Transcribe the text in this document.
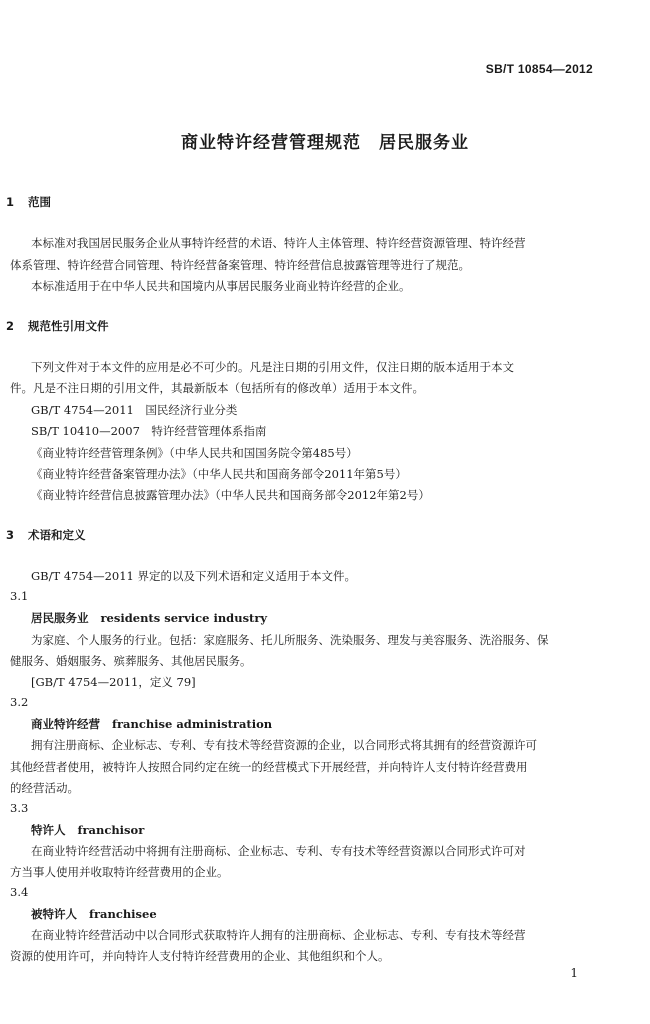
SB/T 10854—2012
商业特许经营管理规范　居民服务业
1 范围
本标准对我国居民服务企业从事特许经营的术语、特许人主体管理、特许经营资源管理、特许经营
体系管理、特许经营合同管理、特许经营备案管理、特许经营信息披露管理等进行了规范。
本标准适用于在中华人民共和国境内从事居民服务业商业特许经营的企业。
2 规范性引用文件
下列文件对于本文件的应用是必不可少的。凡是注日期的引用文件，仅注日期的版本适用于本文
件。凡是不注日期的引用文件，其最新版本（包括所有的修改单）适用于本文件。
GB/T 4754—2011　国民经济行业分类
SB/T 10410—2007　特许经营管理体系指南
《商业特许经营管理条例》（中华人民共和国国务院令第485号）
《商业特许经营备案管理办法》（中华人民共和国商务部令2011年第5号）
《商业特许经营信息披露管理办法》（中华人民共和国商务部令2012年第2号）
3 术语和定义
GB/T 4754—2011 界定的以及下列术语和定义适用于本文件。
3.1
居民服务业 residents service industry
为家庭、个人服务的行业。包括：家庭服务、托儿所服务、洗染服务、理发与美容服务、洗浴服务、保
健服务、婚姻服务、殡葬服务、其他居民服务。
[GB/T 4754—2011，定义 79]
3.2
商业特许经营 franchise administration
拥有注册商标、企业标志、专利、专有技术等经营资源的企业，以合同形式将其拥有的经营资源许可
其他经营者使用，被特许人按照合同约定在统一的经营模式下开展经营，并向特许人支付特许经营费用
的经营活动。
3.3
特许人 franchisor
在商业特许经营活动中将拥有注册商标、企业标志、专利、专有技术等经营资源以合同形式许可对
方当事人使用并收取特许经营费用的企业。
3.4
被特许人 franchisee
在商业特许经营活动中以合同形式获取特许人拥有的注册商标、企业标志、专利、专有技术等经营
资源的使用许可，并向特许人支付特许经营费用的企业、其他组织和个人。
1
